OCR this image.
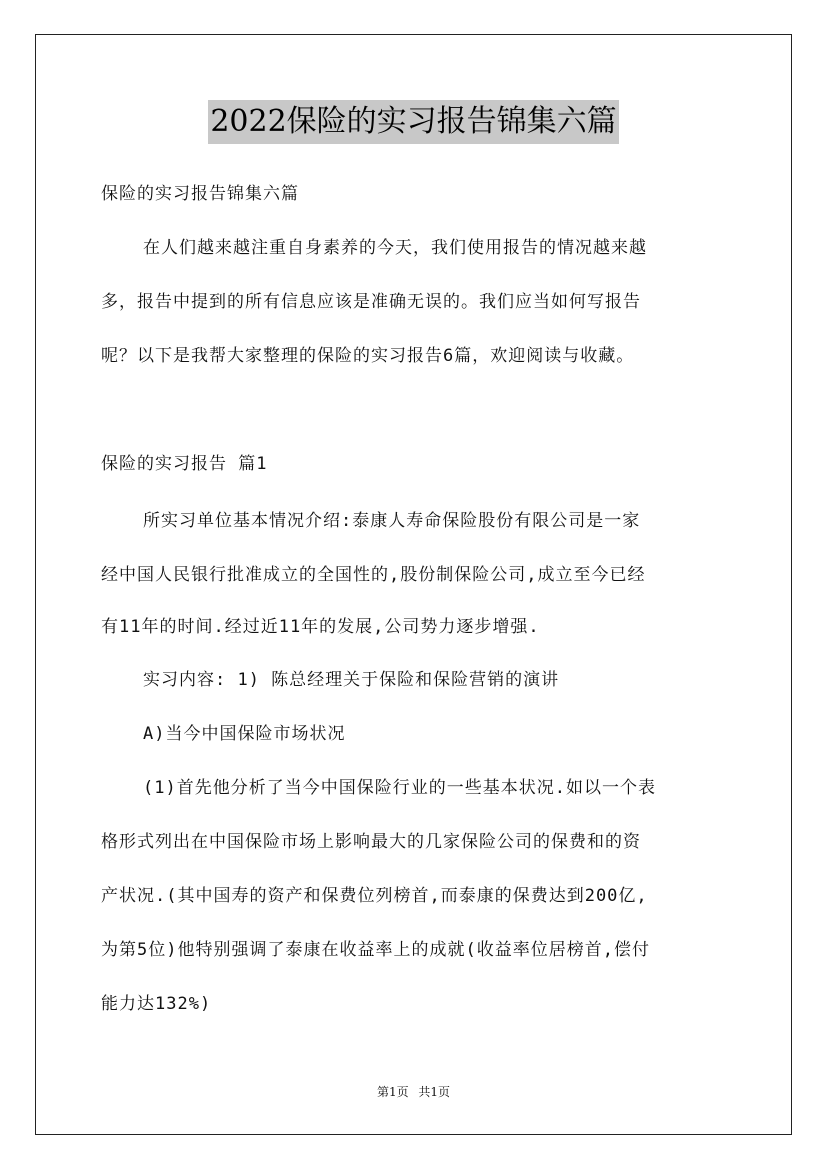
2022保险的实习报告锦集六篇
保险的实习报告锦集六篇
在人们越来越注重自身素养的今天，我们使用报告的情况越来越
多，报告中提到的所有信息应该是准确无误的。我们应当如何写报告
呢？以下是我帮大家整理的保险的实习报告6篇，欢迎阅读与收藏。
保险的实习报告 篇1
所实习单位基本情况介绍:泰康人寿命保险股份有限公司是一家
经中国人民银行批准成立的全国性的,股份制保险公司,成立至今已经
有11年的时间.经过近11年的发展,公司势力逐步增强.
实习内容: 1) 陈总经理关于保险和保险营销的演讲
A)当今中国保险市场状况
(1)首先他分析了当今中国保险行业的一些基本状况.如以一个表
格形式列出在中国保险市场上影响最大的几家保险公司的保费和的资
产状况.(其中国寿的资产和保费位列榜首,而泰康的保费达到200亿,
为第5位)他特别强调了泰康在收益率上的成就(收益率位居榜首,偿付
能力达132%)
第1页 共1页
